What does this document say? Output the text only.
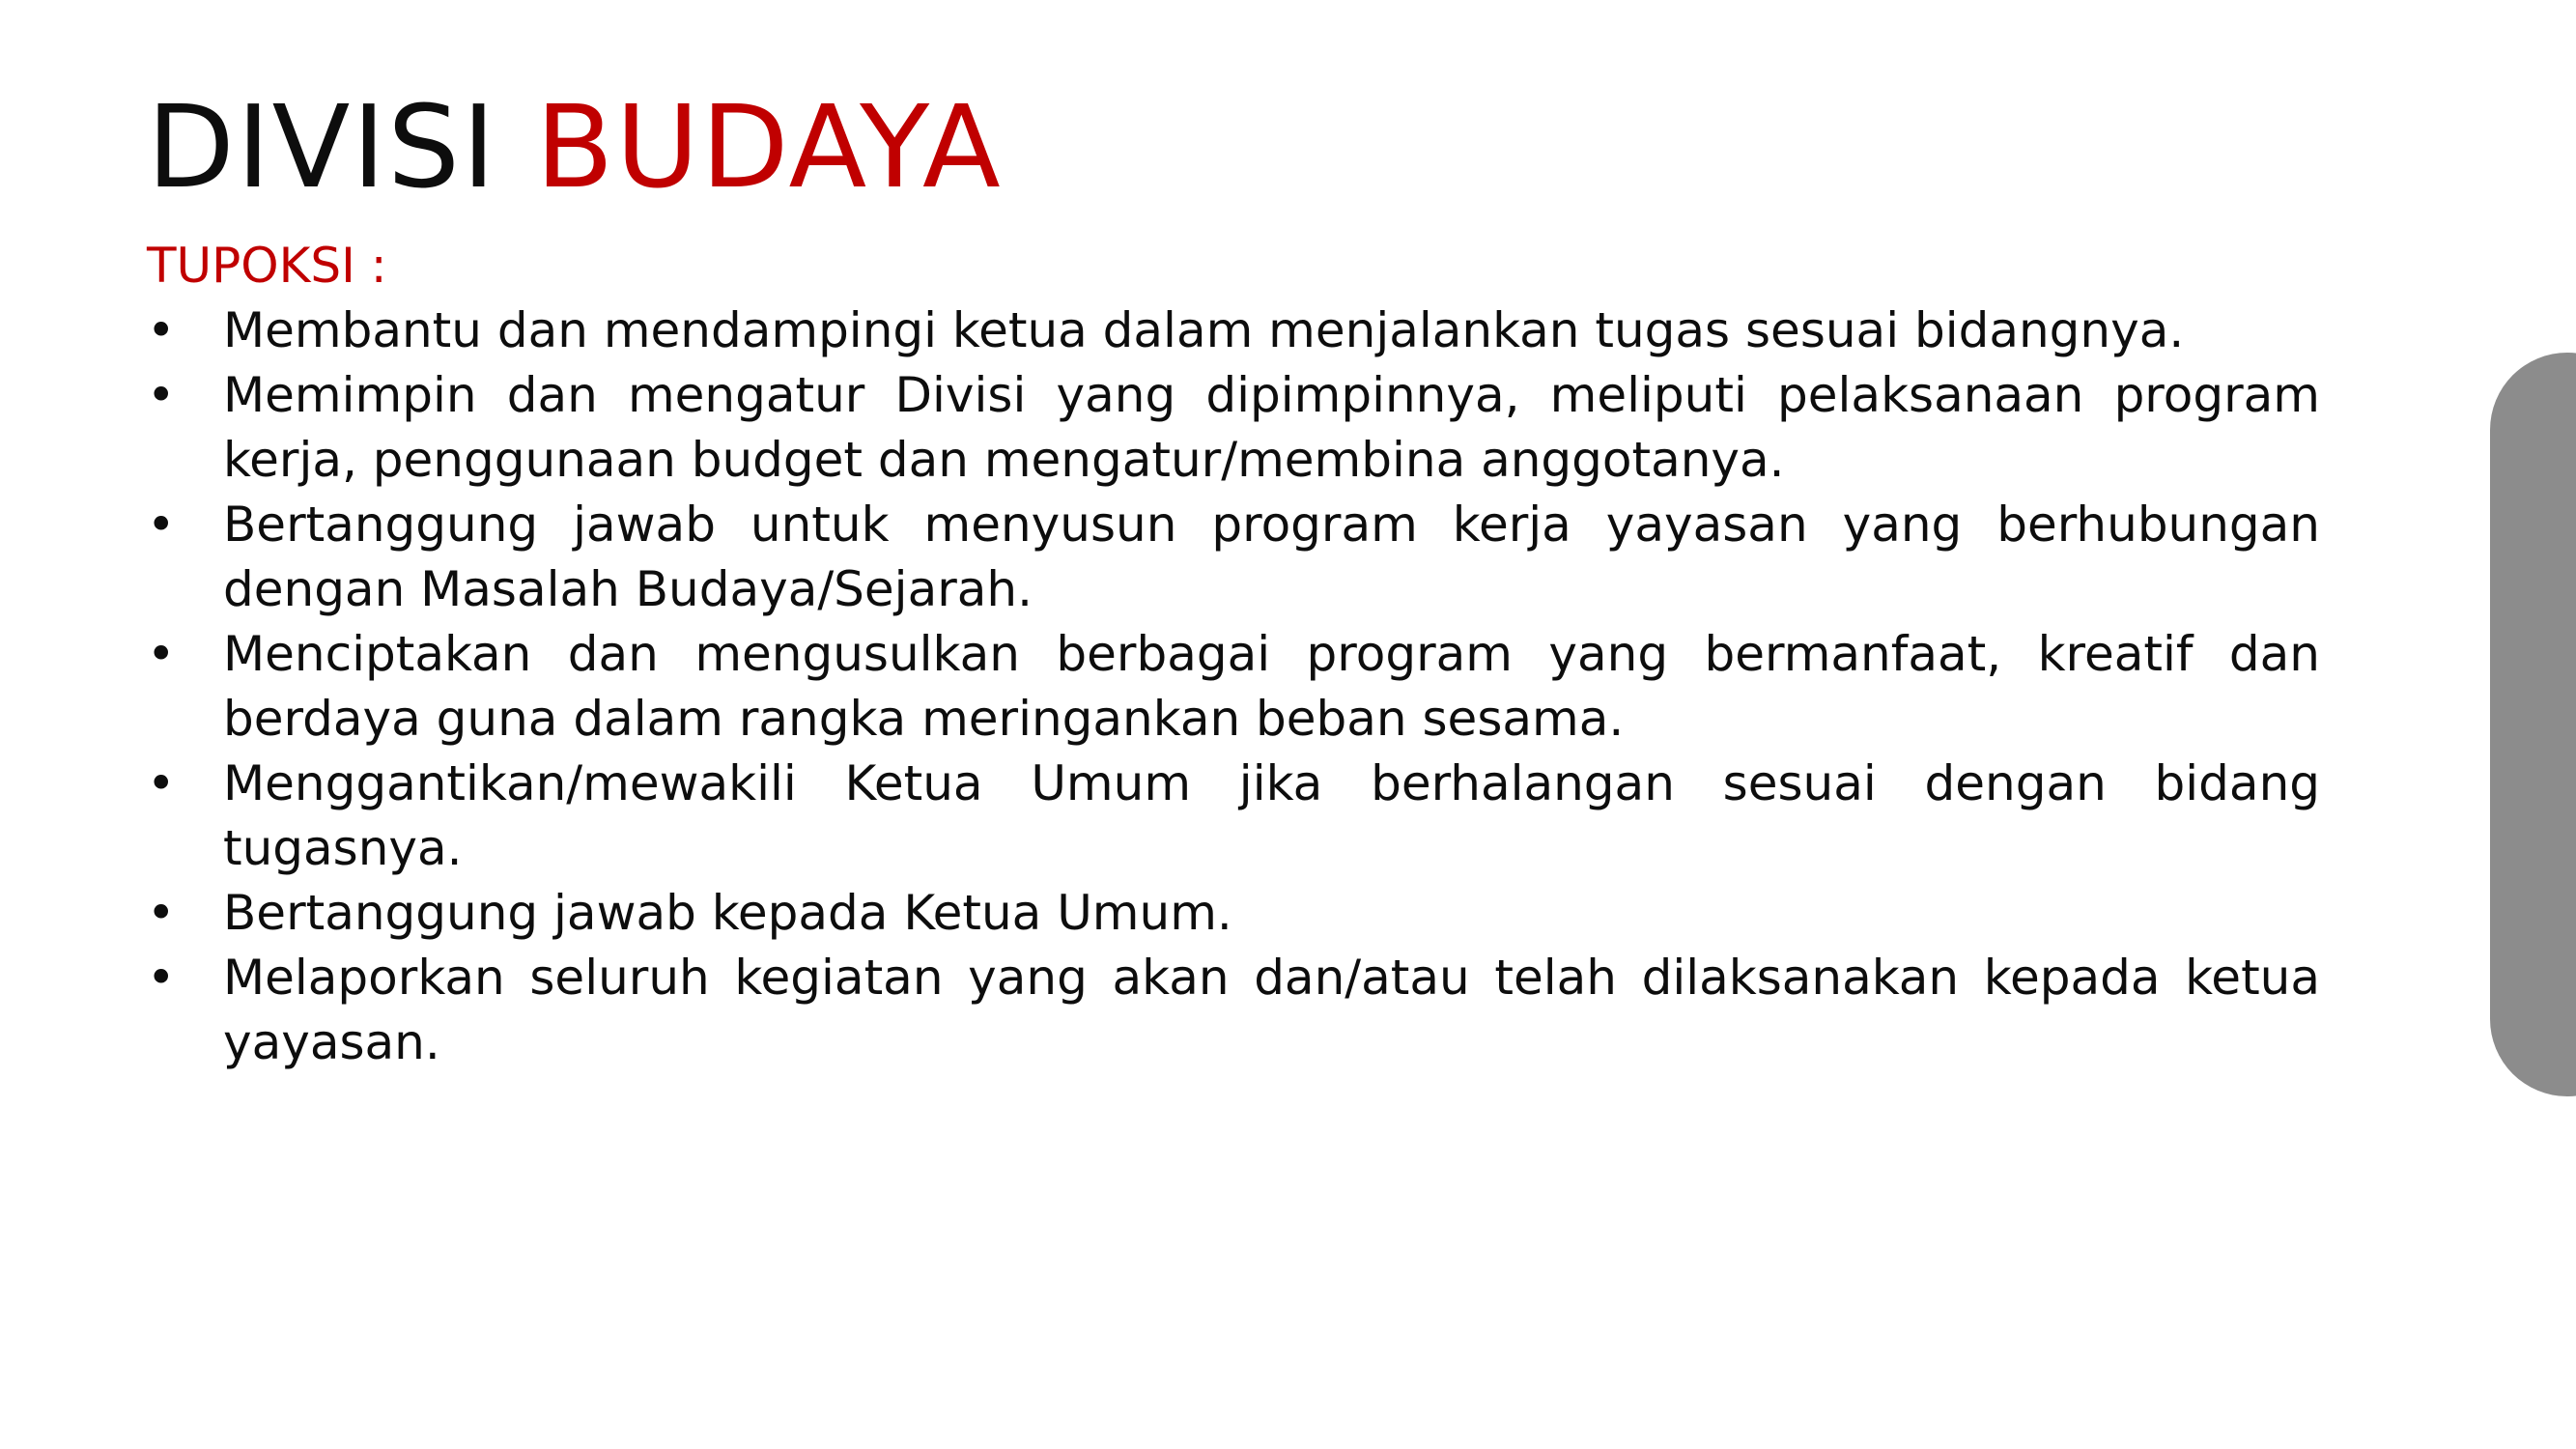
DIVISI BUDAYA

TUPOKSI :

• Membantu dan mendampingi ketua dalam menjalankan tugas sesuai bidangnya.
• Memimpin dan mengatur Divisi yang dipimpinnya, meliputi pelaksanaan program kerja, penggunaan budget dan mengatur/membina anggotanya.
• Bertanggung jawab untuk menyusun program kerja yayasan yang berhubungan dengan Masalah Budaya/Sejarah.
• Menciptakan dan mengusulkan berbagai program yang bermanfaat, kreatif dan berdaya guna dalam rangka meringankan beban sesama.
• Menggantikan/mewakili Ketua Umum jika berhalangan sesuai dengan bidang tugasnya.
• Bertanggung jawab kepada Ketua Umum.
• Melaporkan seluruh kegiatan yang akan dan/atau telah dilaksanakan kepada ketua yayasan.
